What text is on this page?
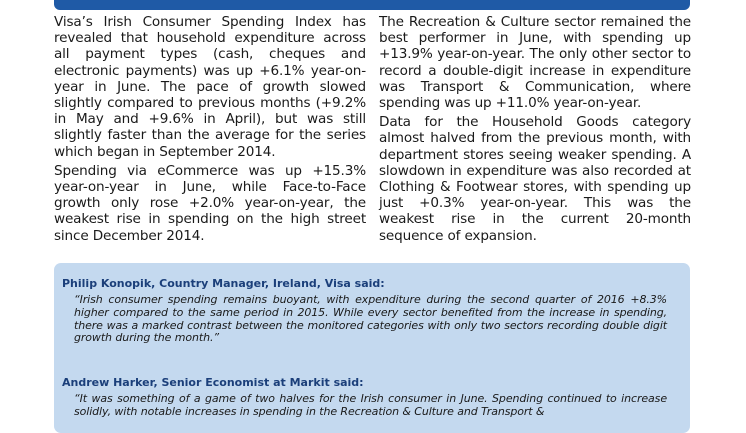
Visa’s Irish Consumer Spending Index has revealed that household expenditure across all payment types (cash, cheques and electronic payments) was up +6.1% year-on-year in June. The pace of growth slowed slightly compared to previous months (+9.2% in May and +9.6% in April), but was still slightly faster than the average for the series which began in September 2014.

Spending via eCommerce was up +15.3% year-on-year in June, while Face-to-Face growth only rose +2.0% year-on-year, the weakest rise in spending on the high street since December 2014.

The Recreation & Culture sector remained the best performer in June, with spending up +13.9% year-on-year. The only other sector to record a double-digit increase in expenditure was Transport & Communication, where spending was up +11.0% year-on-year.

Data for the Household Goods category almost halved from the previous month, with department stores seeing weaker spending. A slowdown in expenditure was also recorded at Clothing & Footwear stores, with spending up just +0.3% year-on-year. This was the weakest rise in the current 20-month sequence of expansion.

Philip Konopik, Country Manager, Ireland, Visa said:
“Irish consumer spending remains buoyant, with expenditure during the second quarter of 2016 +8.3% higher compared to the same period in 2015. While every sector benefited from the increase in spending, there was a marked contrast between the monitored categories with only two sectors recording double digit growth during the month.”
Andrew Harker, Senior Economist at Markit said:
“It was something of a game of two halves for the Irish consumer in June. Spending continued to increase solidly, with notable increases in spending in the Recreation & Culture and Transport &
